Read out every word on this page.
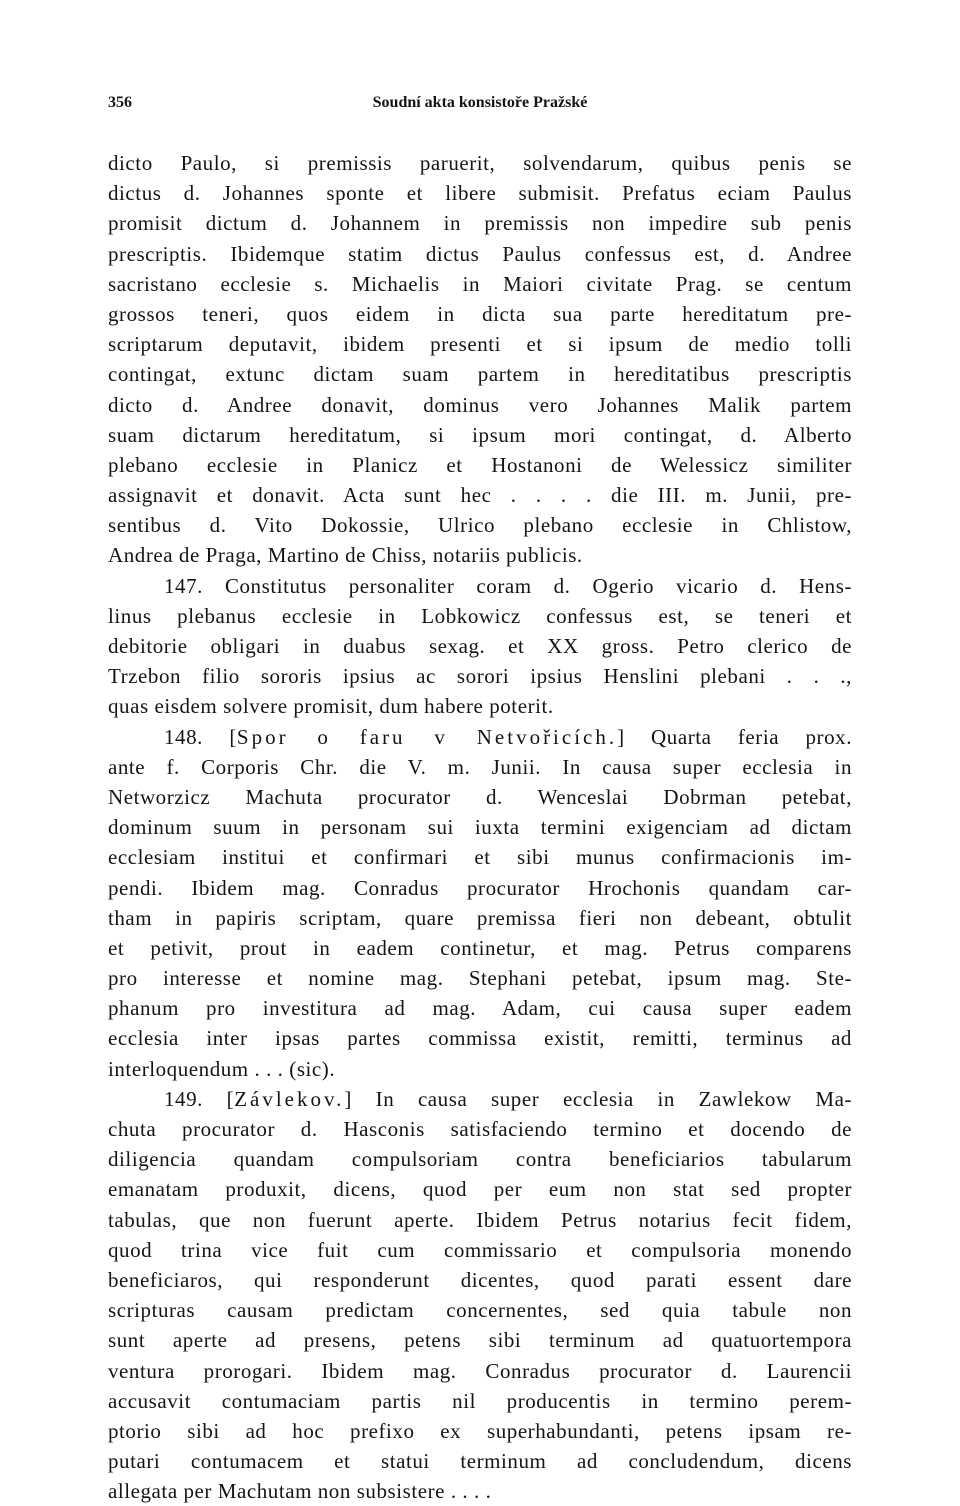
356	Soudní akta konsistoře Pražské
dicto Paulo, si premissis paruerit, solvendarum, quibus penis se
dictus d. Johannes sponte et libere submisit. Prefatus eciam Paulus
promisit dictum d. Johannem in premissis non impedire sub penis
prescriptis. Ibidemque statim dictus Paulus confessus est, d. Andree
sacristano ecclesie s. Michaelis in Maiori civitate Prag. se centum
grossos teneri, quos eidem in dicta sua parte hereditatum pre-
scriptarum deputavit, ibidem presenti et si ipsum de medio tolli
contingat, extunc dictam suam partem in hereditatibus prescriptis
dicto d. Andree donavit, dominus vero Johannes Malik partem
suam dictarum hereditatum, si ipsum mori contingat, d. Alberto
plebano ecclesie in Planicz et Hostanoni de Welessicz similiter
assignavit et donavit. Acta sunt hec . . . . die III. m. Junii, pre-
sentibus d. Vito Dokossie, Ulrico plebano ecclesie in Chlistow,
Andrea de Praga, Martino de Chiss, notariis publicis.
147. Constitutus personaliter coram d. Ogerio vicario d. Hens-
linus plebanus ecclesie in Lobkowicz confessus est, se teneri et
debitorie obligari in duabus sexag. et XX gross. Petro clerico de
Trzebon filio sororis ipsius ac sorori ipsius Henslini plebani . . .,
quas eisdem solvere promisit, dum habere poterit.
148. [Spor o faru v Netvořicích.] Quarta feria prox.
ante f. Corporis Chr. die V. m. Junii. In causa super ecclesia in
Networzicz Machuta procurator d. Wenceslai Dobrman petebat,
dominum suum in personam sui iuxta termini exigenciam ad dictam
ecclesiam institui et confirmari et sibi munus confirmacionis im-
pendi. Ibidem mag. Conradus procurator Hrochonis quandam car-
tham in papiris scriptam, quare premissa fieri non debeant, obtulit
et petivit, prout in eadem continetur, et mag. Petrus comparens
pro interesse et nomine mag. Stephani petebat, ipsum mag. Ste-
phanum pro investitura ad mag. Adam, cui causa super eadem
ecclesia inter ipsas partes commissa existit, remitti, terminus ad
interloquendum . . . (sic).
149. [Závlekov.] In causa super ecclesia in Zawlekow Ma-
chuta procurator d. Hasconis satisfaciendo termino et docendo de
diligencia quandam compulsoriam contra beneficiarios tabularum
emanatam produxit, dicens, quod per eum non stat sed propter
tabulas, que non fuerunt aperte. Ibidem Petrus notarius fecit fidem,
quod trina vice fuit cum commissario et compulsoria monendo
beneficiaros, qui responderunt dicentes, quod parati essent dare
scripturas causam predictam concernentes, sed quia tabule non
sunt aperte ad presens, petens sibi terminum ad quatuortempora
ventura prorogari. Ibidem mag. Conradus procurator d. Laurencii
accusavit contumaciam partis nil producentis in termino perem-
ptorio sibi ad hoc prefixo ex superhabundanti, petens ipsam re-
putari contumacem et statui terminum ad concludendum, dicens
allegata per Machutam non subsistere . . . .
